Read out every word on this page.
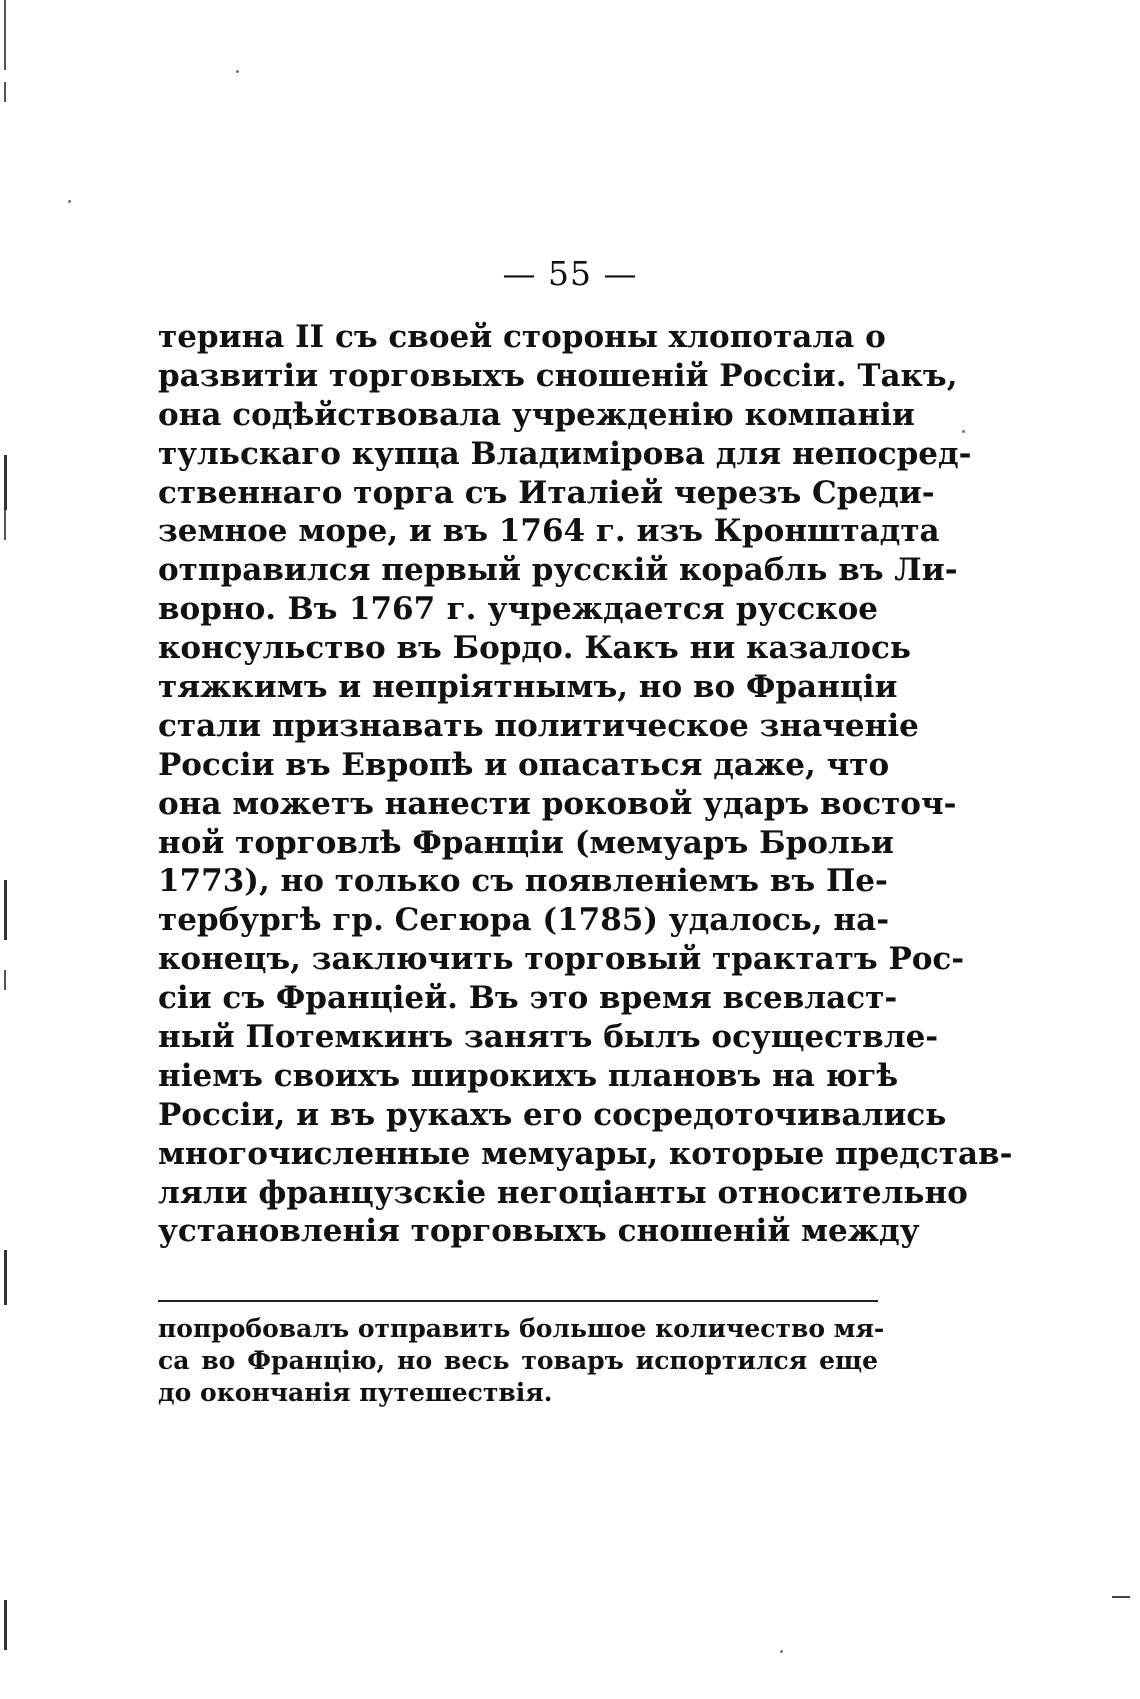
— 55 —
терина II съ своей стороны хлопотала о
развитіи торговыхъ сношеній Россіи. Такъ,
она содѣйствовала учрежденію компаніи
тульскаго купца Владиміровa для непосред-
ственнаго торга съ Италіей черезъ Среди-
земное море, и въ 1764 г. изъ Кронштадта
отправился первый русскій корабль въ Ли-
ворно. Въ 1767 г. учреждается русское
консульство въ Бордо. Какъ ни казалось
тяжкимъ и непріятнымъ, но во Франціи
стали признавать политическое значеніе
Россіи въ Европѣ и опасаться даже, что
она можетъ нанести роковой ударъ восточ-
ной торговлѣ Франціи (мемуаръ Брольи
1773), но только съ появленіемъ въ Пе-
тербургѣ гр. Сегюра (1785) удалось, на-
конецъ, заключить торговый трактатъ Рос-
сіи съ Франціей. Въ это время всевласт-
ный Потемкинъ занятъ былъ осуществле-
ніемъ своихъ широкихъ плановъ на югѣ
Россіи, и въ рукахъ его сосредоточивались
многочисленные мемуары, которые представ-
ляли французскіе негоціанты относительно
установленія торговыхъ сношеній между
попробовалъ отправить большое количество мя-
са во Францію, но весь товаръ испортился еще
до окончанія путешествія.
